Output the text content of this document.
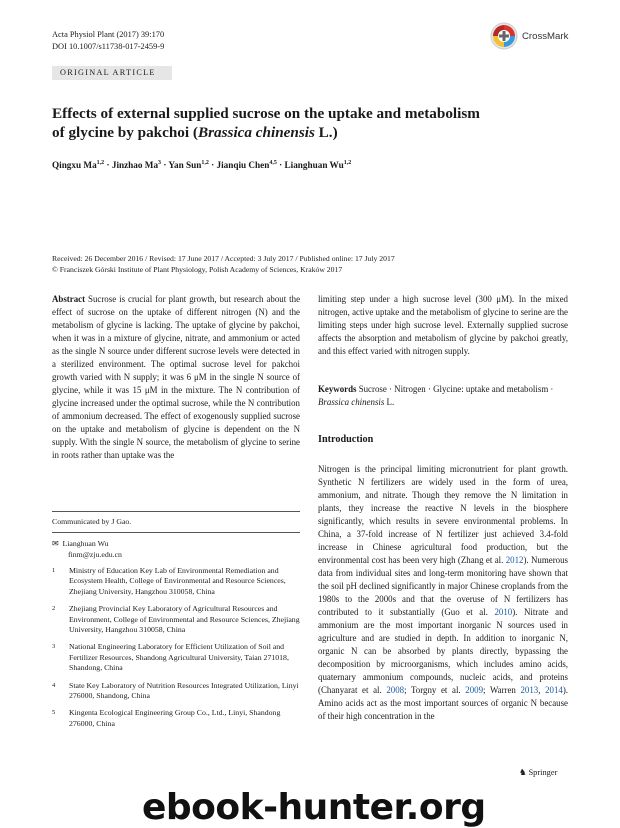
Acta Physiol Plant (2017) 39:170
DOI 10.1007/s11738-017-2459-9
CrossMark
ORIGINAL ARTICLE
Effects of external supplied sucrose on the uptake and metabolism
of glycine by pakchoi (Brassica chinensis L.)
Qingxu Ma$^{1,2}$ · Jinzhao $Ma^3$ · Yan Sun$^{1,2}$ · Jianqiu Chen$^{4,5}$ · Lianghuan Wu$^{1,2}$
Received: 26 December 2016 / Revised: 17 June 2017 / Accepted: 3 July 2017 / Published online: 17 July 2017
© Franciszek Górski Institute of Plant Physiology, Polish Academy of Sciences, Kraków 2017
Abstract Sucrose is crucial for plant growth, but research about the effect of sucrose on the uptake of different nitrogen (N) and the metabolism of glycine is lacking. The uptake of glycine by pakchoi, when it was in a mixture of glycine, nitrate, and ammonium or acted as the single N source under different sucrose levels were detected in a sterilized environment. The optimal sucrose level for pakchoi growth varied with N supply; it was 6 μM in the single N source of glycine, while it was 15 μM in the mixture. The N contribution of glycine increased under the optimal sucrose, while the N contribution of ammonium decreased. The effect of exogenously supplied sucrose on the uptake and metabolism of glycine is dependent on the N supply. With the single N source, the metabolism of glycine to serine in roots rather than uptake was the
limiting step under a high sucrose level (300 μM). In the mixed nitrogen, active uptake and the metabolism of glycine to serine are the limiting steps under high sucrose level. Externally supplied sucrose affects the absorption and metabolism of glycine by pakchoi greatly, and this effect varied with nitrogen supply.
Keywords Sucrose · Nitrogen · Glycine: uptake and metabolism · Brassica chinensis L.
Introduction
Nitrogen is the principal limiting micronutrient for plant growth. Synthetic N fertilizers are widely used in the form of urea, ammonium, and nitrate. Though they remove the N limitation in plants, they increase the reactive N levels in the biosphere significantly, which results in severe environmental problems. In China, a 37-fold increase of N fertilizer just achieved 3.4-fold increase in Chinese agricultural food production, but the environmental cost has been very high (Zhang et al. 2012). Numerous data from individual sites and long-term monitoring have shown that the soil pH declined significantly in major Chinese croplands from the 1980s to the 2000s and that the overuse of N fertilizers has contributed to it substantially (Guo et al. 2010). Nitrate and ammonium are the most important inorganic N sources used in agriculture and are studied in depth. In addition to inorganic N, organic N can be absorbed by plants directly, bypassing the decomposition by microorganisms, which includes amino acids, quaternary ammonium compounds, nucleic acids, and proteins (Chanyarat et al. 2008; Torgny et al. 2009; Warren 2013, 2014). Amino acids act as the most important sources of organic N because of their high concentration in the
Communicated by J Gao.
✉ Lianghuan Wu
finm@zju.edu.cn
1	Ministry of Education Key Lab of Environmental Remediation and Ecosystem Health, College of Environmental and Resource Sciences, Zhejiang University, Hangzhou 310058, China
2	Zhejiang Provincial Key Laboratory of Agricultural Resources and Environment, College of Environmental and Resource Sciences, Zhejiang University, Hangzhou 310058, China
3	National Engineering Laboratory for Efficient Utilization of Soil and Fertilizer Resources, Shandong Agricultural University, Taian 271018, Shandong, China
4	State Key Laboratory of Nutrition Resources Integrated Utilization, Linyi 276000, Shandong, China
5	Kingenta Ecological Engineering Group Co., Ltd., Linyi, Shandong 276000, China
♞ Springer
ebook-hunter.org
